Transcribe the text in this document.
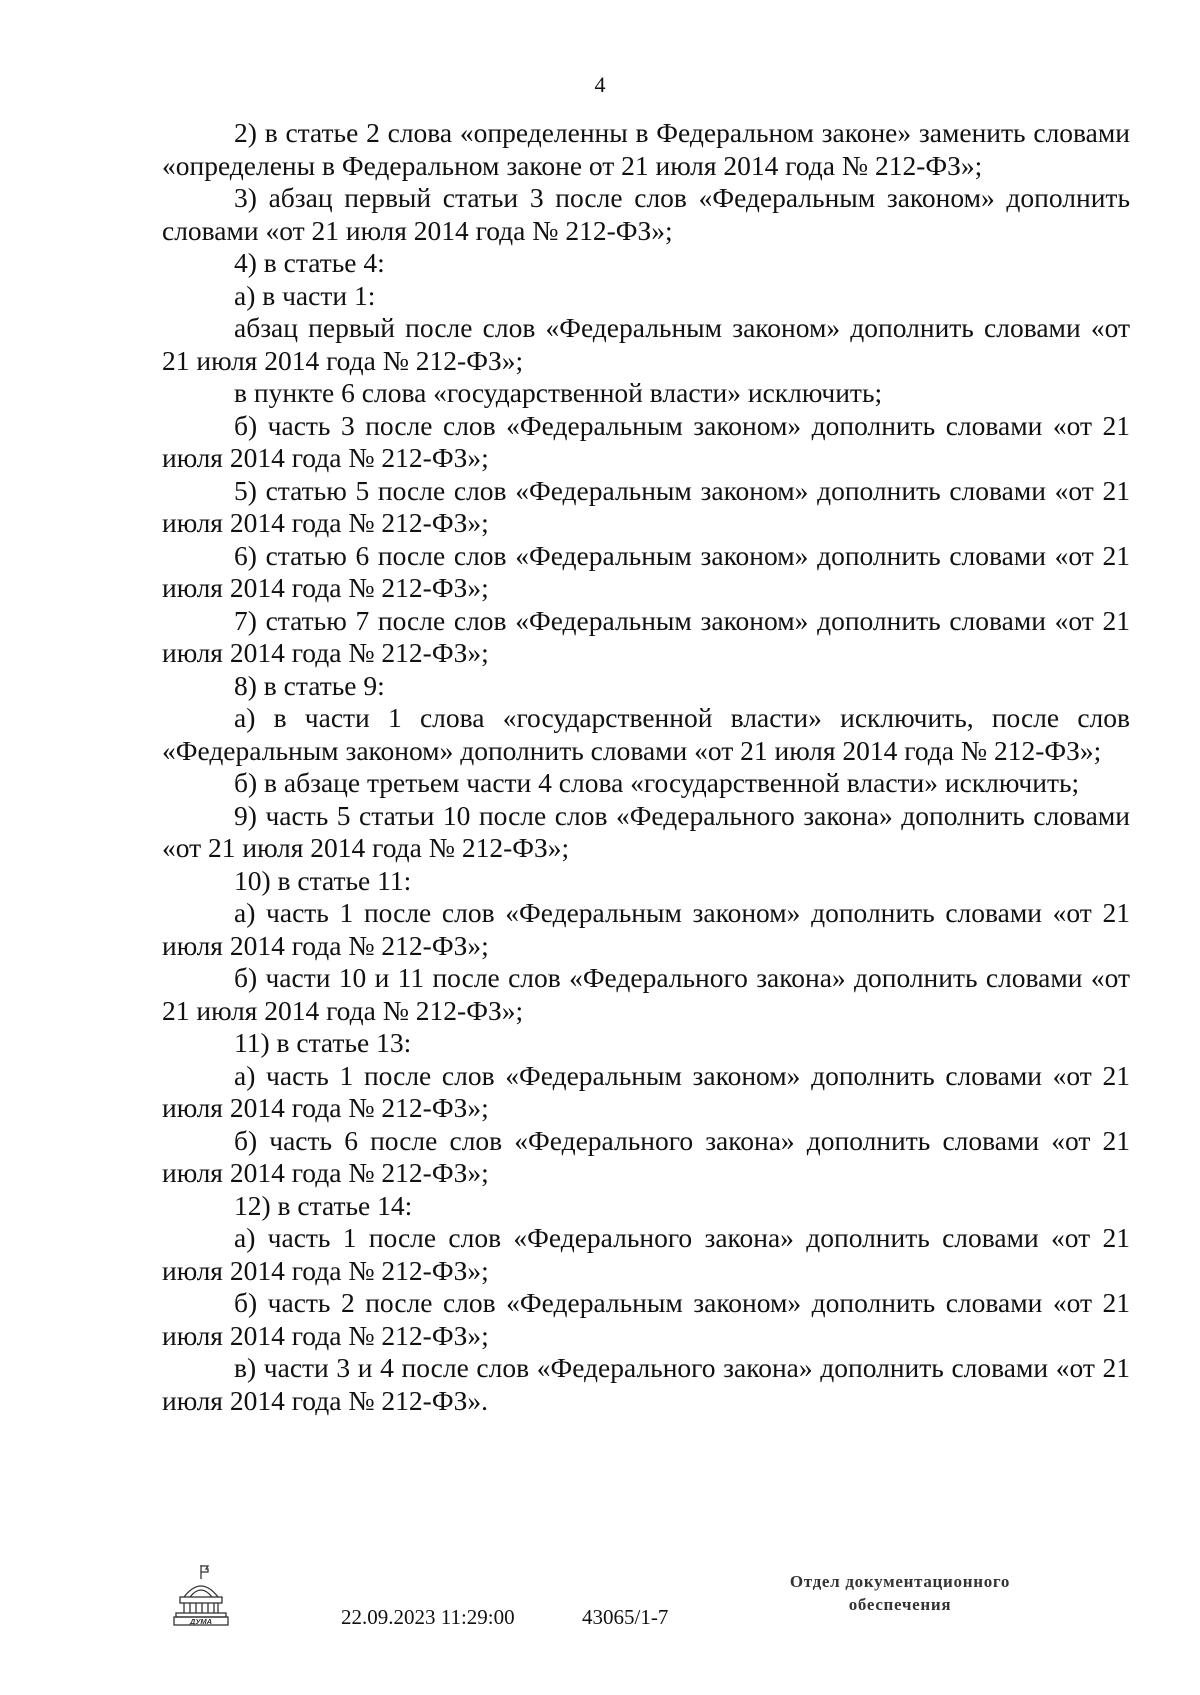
4

2) в статье 2 слова «определенны в Федеральном законе» заменить словами «определены в Федеральном законе от 21 июля 2014 года № 212-ФЗ»;

3) абзац первый статьи 3 после слов «Федеральным законом» дополнить словами «от 21 июля 2014 года № 212-ФЗ»;

4) в статье 4:

а) в части 1:

абзац первый после слов «Федеральным законом» дополнить словами «от 21 июля 2014 года № 212-ФЗ»;

в пункте 6 слова «государственной власти» исключить;

б) часть 3 после слов «Федеральным законом» дополнить словами «от 21 июля 2014 года № 212-ФЗ»;

5) статью 5 после слов «Федеральным законом» дополнить словами «от 21 июля 2014 года № 212-ФЗ»;

6) статью 6 после слов «Федеральным законом» дополнить словами «от 21 июля 2014 года № 212-ФЗ»;

7) статью 7 после слов «Федеральным законом» дополнить словами «от 21 июля 2014 года № 212-ФЗ»;

8) в статье 9:

а) в части 1 слова «государственной власти» исключить, после слов «Федеральным законом» дополнить словами «от 21 июля 2014 года № 212-ФЗ»;

б) в абзаце третьем части 4 слова «государственной власти» исключить;

9) часть 5 статьи 10 после слов «Федерального закона» дополнить словами «от 21 июля 2014 года № 212-ФЗ»;

10) в статье 11:

а) часть 1 после слов «Федеральным законом» дополнить словами «от 21 июля 2014 года № 212-ФЗ»;

б) части 10 и 11 после слов «Федерального закона» дополнить словами «от 21 июля 2014 года № 212-ФЗ»;

11) в статье 13:

а) часть 1 после слов «Федеральным законом» дополнить словами «от 21 июля 2014 года № 212-ФЗ»;

б) часть 6 после слов «Федерального закона» дополнить словами «от 21 июля 2014 года № 212-ФЗ»;

12) в статье 14:

а) часть 1 после слов «Федерального закона» дополнить словами «от 21 июля 2014 года № 212-ФЗ»;

б) часть 2 после слов «Федеральным законом» дополнить словами «от 21 июля 2014 года № 212-ФЗ»;

в) части 3 и 4 после слов «Федерального закона» дополнить словами «от 21 июля 2014 года № 212-ФЗ».

ДУМА	22.09.2023 11:29:00	43065/1-7
Отдел документационного
обеспечения
